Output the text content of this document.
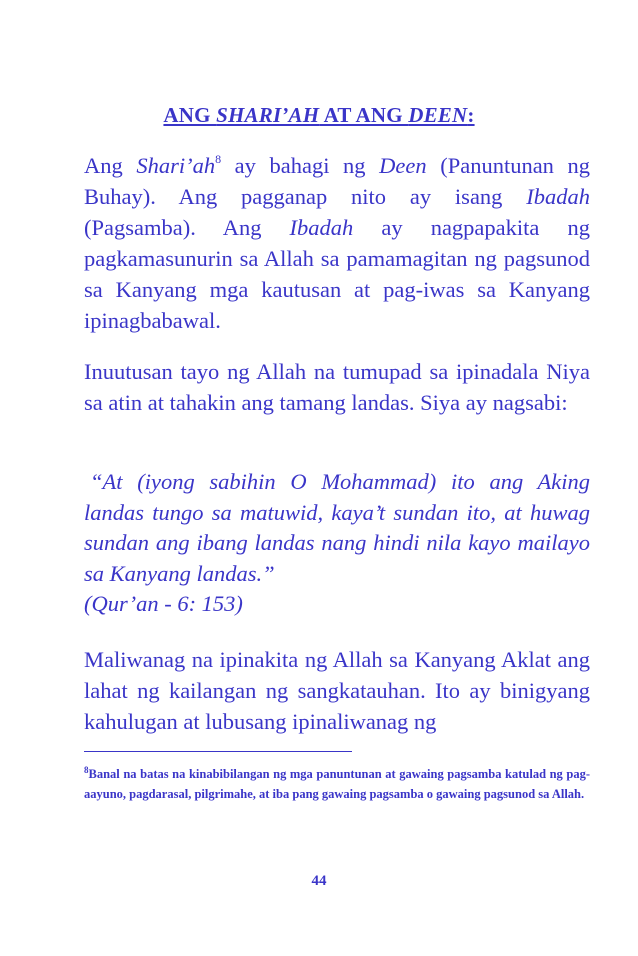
ANG SHARI’AH AT ANG DEEN:

Ang $Shari’ah^8$ ay bahagi ng Deen (Panuntunan ng Buhay). Ang pagganap nito ay isang Ibadah (Pagsamba). Ang Ibadah ay nagpapakita ng pagkamasunurin sa Allah sa pamamagitan ng pagsunod sa Kanyang mga kautusan at pag-iwas sa Kanyang ipinagbabawal.

Inuutusan tayo ng Allah na tumupad sa ipinadala Niya sa atin at tahakin ang tamang landas. Siya ay nagsabi:

“At (iyong sabihin O Mohammad) ito ang Aking landas tungo sa matuwid, kaya’t sundan ito, at huwag sundan ang ibang landas nang hindi nila kayo mailayo sa Kanyang landas.”

(Qur’an - 6: 153)

Maliwanag na ipinakita ng Allah sa Kanyang Aklat ang lahat ng kailangan ng sangkatauhan. Ito ay binigyang kahulugan at lubusang ipinaliwanag ng

$^8$Banal na batas na kinabibilangan ng mga panuntunan at gawaing pagsamba katulad ng pag-aayuno, pagdarasal, pilgrimahe, at iba pang gawaing pagsamba o gawaing pagsunod sa Allah.

44
